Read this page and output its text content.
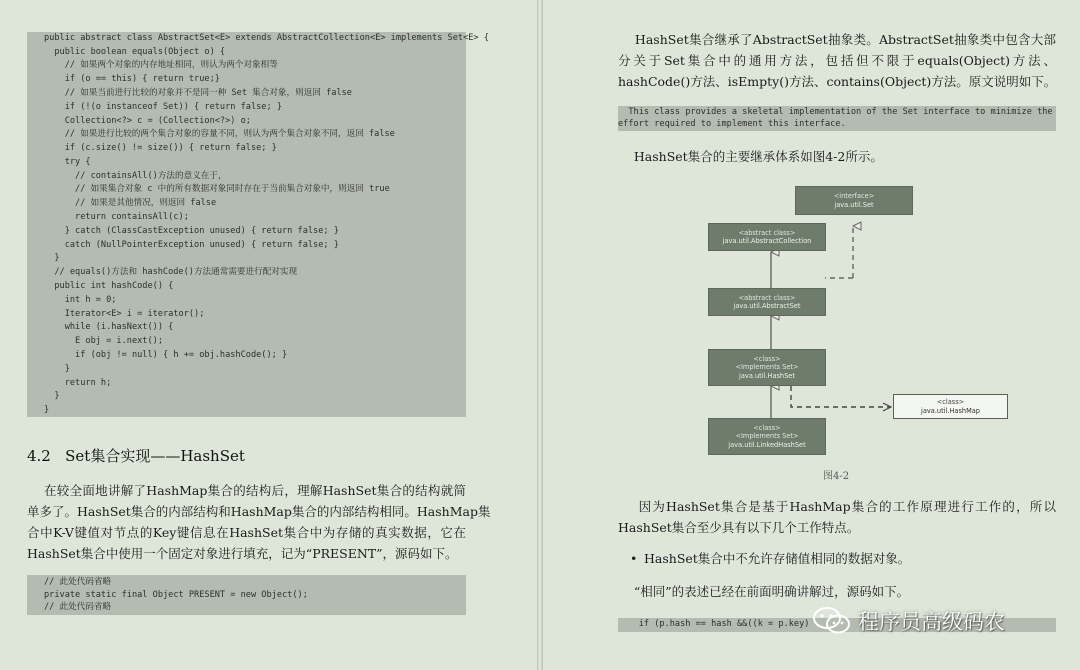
public abstract class AbstractSet<E> extends AbstractCollection<E> implements Set<E> {
public boolean equals(Object o) {
// 如果两个对象的内存地址相同，则认为两个对象相等
if (o == this) { return true;}
// 如果当前进行比较的对象并不是同一种 Set 集合对象，则返回 false
if (!(o instanceof Set)) { return false; }
Collection<?> c = (Collection<?>) o;
// 如果进行比较的两个集合对象的容量不同，则认为两个集合对象不同，返回 false
if (c.size() != size()) { return false; }
try {
// containsAll()方法的意义在于，
// 如果集合对象 c 中的所有数据对象同时存在于当前集合对象中，则返回 true
// 如果是其他情况，则返回 false
return containsAll(c);
} catch (ClassCastException unused) { return false; }
catch (NullPointerException unused) { return false; }
}
// equals()方法和 hashCode()方法通常需要进行配对实现
public int hashCode() {
int h = 0;
Iterator<E> i = iterator();
while (i.hasNext()) {
E obj = i.next();
if (obj != null) { h += obj.hashCode(); }
}
return h;
}
}
4.2   Set集合实现——HashSet
在较全面地讲解了HashMap集合的结构后，理解HashSet集合的结构就简
单多了。HashSet集合的内部结构和HashMap集合的内部结构相同。HashMap集
合中K-V键值对节点的Key键信息在HashSet集合中为存储的真实数据，它在
HashSet集合中使用一个固定对象进行填充，记为“PRESENT”，源码如下。
// 此处代码省略
private static final Object PRESENT = new Object();
// 此处代码省略
HashSet集合继承了AbstractSet抽象类。AbstractSet抽象类中包含大部
分关于Set集合中的通用方法，包括但不限于equals(Object)方法、
hashCode()方法、isEmpty()方法、contains(Object)方法。原文说明如下。
This class provides a skeletal implementation of the Set interface to minimize the
effort required to implement this interface.
HashSet集合的主要继承体系如图4-2所示。
<interface>
java.util.Set
<abstract class>
java.util.AbstractCollection
<abstract class>
java.util.AbstractSet
<class>
<Implements Set>
java.util.HashSet
<class>
java.util.HashMap
<class>
<Implements Set>
java.util.LinkedHashSet
图4-2
因为HashSet集合是基于HashMap集合的工作原理进行工作的，所以
HashSet集合至少具有以下几个工作特点。
• HashSet集合中不允许存储值相同的数据对象。
“相同”的表述已经在前面明确讲解过，源码如下。
if (p.hash == hash &&((k = p.key) 程序员高级码农
